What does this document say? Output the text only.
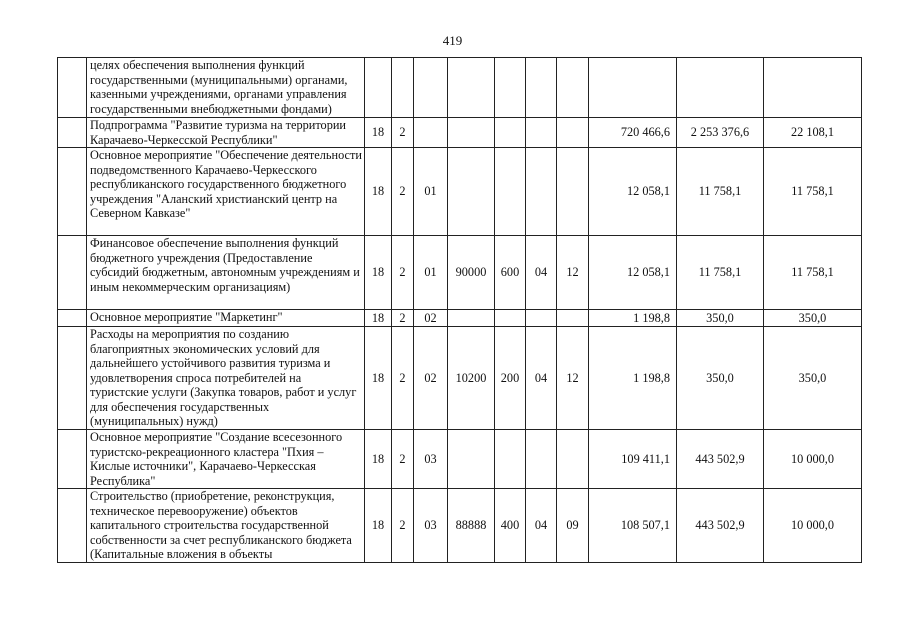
419
	целях обеспечения выполнения функций государственными (муниципальными) органами, казенными учреждениями, органами управления государственными внебюджетными фондами)										
	Подпрограмма "Развитие туризма на территории Карачаево-Черкесской Республики"	18	2						720 466,6	2 253 376,6	22 108,1
	Основное мероприятие "Обеспечение деятельности подведомственного Карачаево-Черкесского республиканского государственного бюджетного учреждения "Аланский христианский центр на Северном Кавказе"	18	2	01					12 058,1	11 758,1	11 758,1
	Финансовое обеспечение выполнения функций бюджетного учреждения (Предоставление субсидий бюджетным, автономным учреждениям и иным некоммерческим организациям)	18	2	01	90000	600	04	12	12 058,1	11 758,1	11 758,1
	Основное мероприятие "Маркетинг"	18	2	02					1 198,8	350,0	350,0
	Расходы на мероприятия по созданию благоприятных экономических условий для дальнейшего устойчивого развития туризма и удовлетворения спроса потребителей на туристские услуги (Закупка товаров, работ и услуг для обеспечения государственных (муниципальных) нужд)	18	2	02	10200	200	04	12	1 198,8	350,0	350,0
	Основное мероприятие "Создание всесезонного туристско-рекреационного кластера "Пхия – Кислые источники", Карачаево-Черкесская Республика"	18	2	03					109 411,1	443 502,9	10 000,0
	Строительство (приобретение, реконструкция, техническое перевооружение) объектов капитального строительства государственной собственности за счет республиканского бюджета (Капитальные вложения в объекты	18	2	03	88888	400	04	09	108 507,1	443 502,9	10 000,0
